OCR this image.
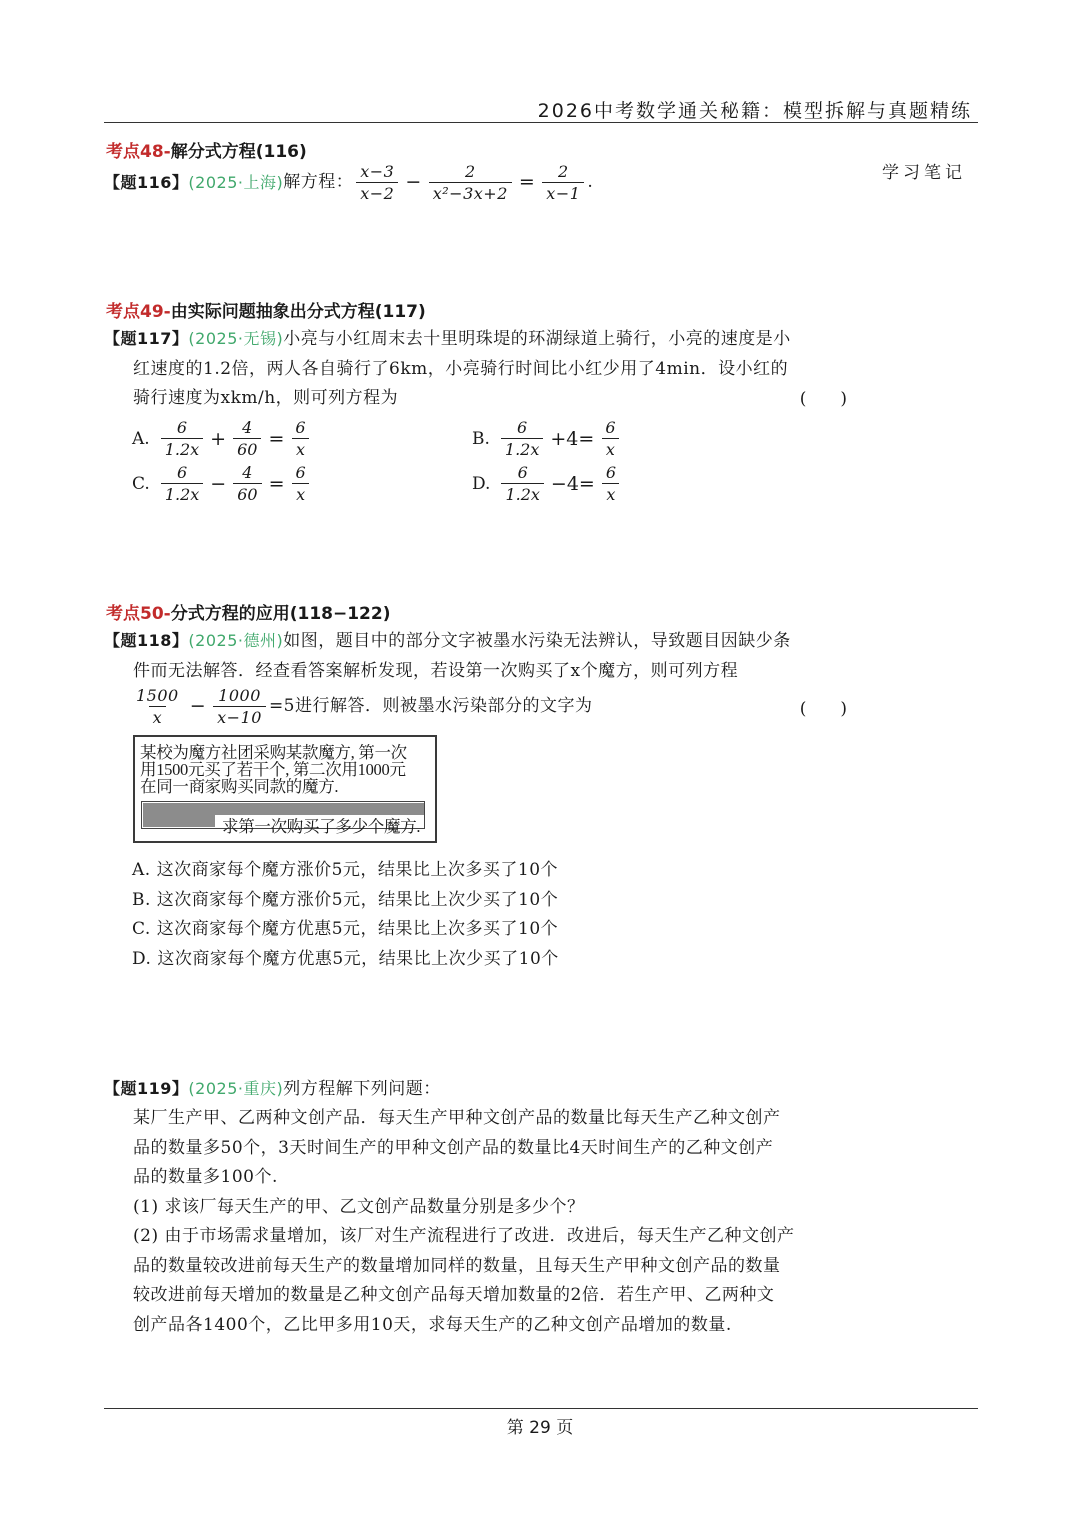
2026中考数学通关秘籍：模型拆解与真题精练
学习笔记
考点48-解分式方程(116)
【题116】 (2025·上海) 解方程： $\frac{x-3}{x-2} - \frac{2}{\text{x²−3x+2}} = \frac{2}{x-1}$ .
考点49-由实际问题抽象出分式方程(117)
【题117】(2025·无锡)小亮与小红周末去十里明珠堤的环湖绿道上骑行，小亮的速度是小
红速度的1.2倍，两人各自骑行了6km，小亮骑行时间比小红少用了4min．设小红的
骑行速度为xkm/h，则可列方程为	(　　)
A. $\frac{6}{1.2x} + \frac{4}{60} = \frac{6}{x}$	B. $\frac{6}{1.2x} +4= \frac{6}{x}$
C. $\frac{6}{1.2x} - \frac{4}{60} = \frac{6}{x}$	D. $\frac{6}{1.2x} -4= \frac{6}{x}$
考点50-分式方程的应用(118−122)
【题118】(2025·德州)如图，题目中的部分文字被墨水污染无法辨认，导致题目因缺少条
件而无法解答．经查看答案解析发现，若设第一次购买了x个魔方，则可列方程
$\frac{1500}{x} - \frac{1000}{x-10} =5$进行解答．则被墨水污染部分的文字为	(　　)
某校为魔方社团采购某款魔方, 第一次
用1500元买了若干个, 第二次用1000元
在同一商家购买同款的魔方.
求第一次购买了多少个魔方.
A. 这次商家每个魔方涨价5元，结果比上次多买了10个
B. 这次商家每个魔方涨价5元，结果比上次少买了10个
C. 这次商家每个魔方优惠5元，结果比上次多买了10个
D. 这次商家每个魔方优惠5元，结果比上次少买了10个
【题119】(2025·重庆)列方程解下列问题：
某厂生产甲、乙两种文创产品．每天生产甲种文创产品的数量比每天生产乙种文创产
品的数量多50个，3天时间生产的甲种文创产品的数量比4天时间生产的乙种文创产
品的数量多100个.
(1) 求该厂每天生产的甲、乙文创产品数量分别是多少个？
(2) 由于市场需求量增加，该厂对生产流程进行了改进．改进后，每天生产乙种文创产
品的数量较改进前每天生产的数量增加同样的数量，且每天生产甲种文创产品的数量
较改进前每天增加的数量是乙种文创产品每天增加数量的2倍．若生产甲、乙两种文
创产品各1400个，乙比甲多用10天，求每天生产的乙种文创产品增加的数量.
第 29 页
